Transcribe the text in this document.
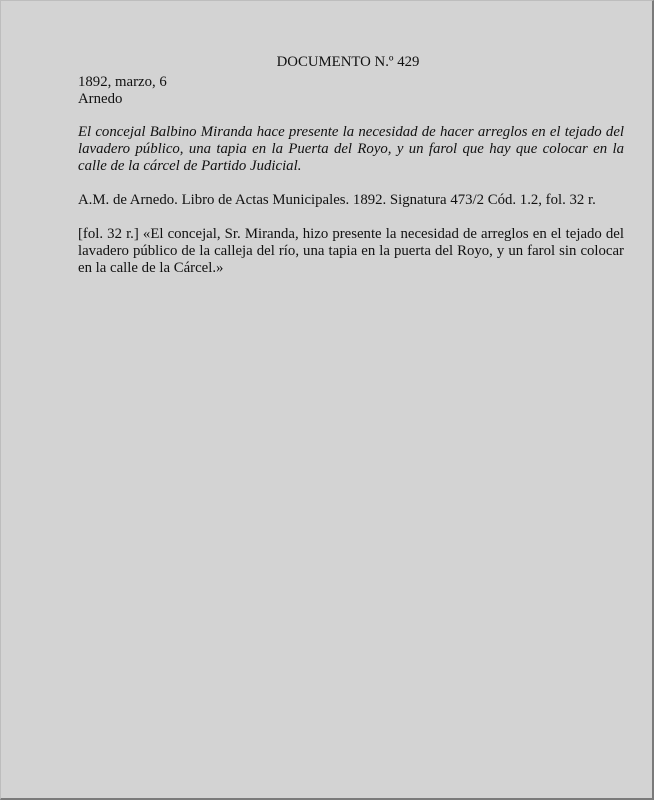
DOCUMENTO N.º 429
1892, marzo, 6
Arnedo
El concejal Balbino Miranda hace presente la necesidad de hacer arreglos en el tejado del lavadero público, una tapia en la Puerta del Royo, y un farol que hay que colocar en la calle de la cárcel de Partido Judicial.
A.M. de Arnedo. Libro de Actas Municipales. 1892. Signatura 473/2 Cód. 1.2, fol. 32 r.
[fol. 32 r.] «El concejal, Sr. Miranda, hizo presente la necesidad de arreglos en el tejado del lavadero público de la calleja del río, una tapia en la puerta del Royo, y un farol sin colocar en la calle de la Cárcel.»
